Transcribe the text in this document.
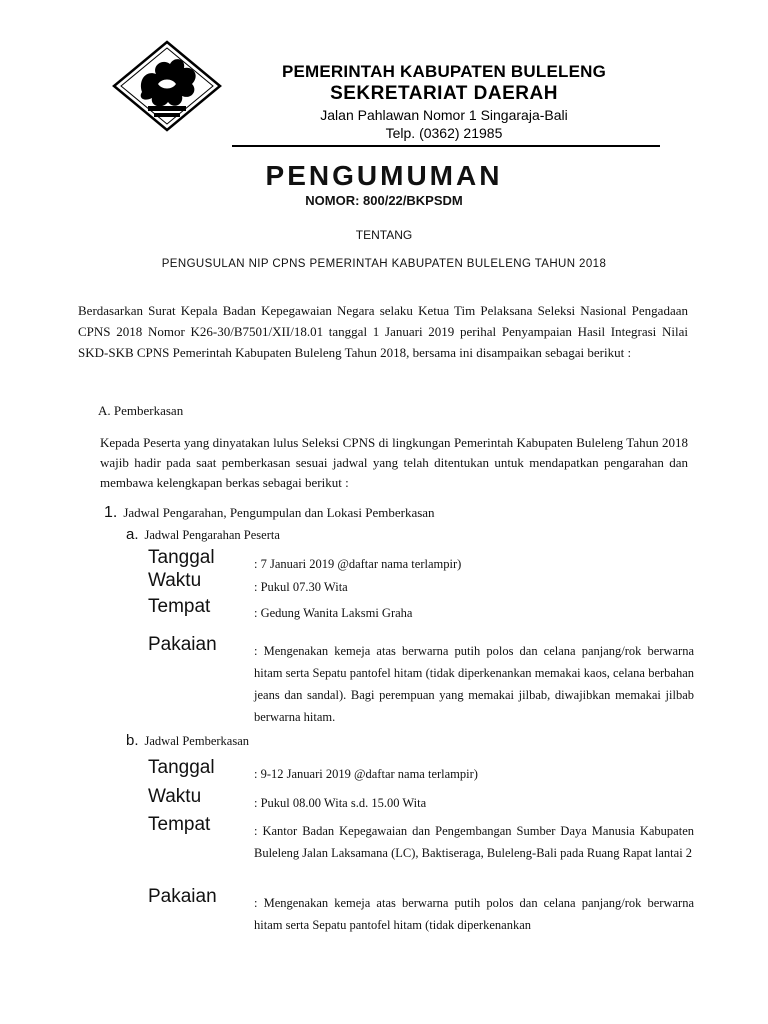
PEMERINTAH KABUPATEN BULELENG
SEKRETARIAT DAERAH
Jalan Pahlawan Nomor 1 Singaraja-Bali
Telp. (0362) 21985
PENGUMUMAN
NOMOR: 800/22/BKPSDM
TENTANG
PENGUSULAN NIP CPNS PEMERINTAH KABUPATEN BULELENG TAHUN 2018
Berdasarkan Surat Kepala Badan Kepegawaian Negara selaku Ketua Tim Pelaksana Seleksi Nasional Pengadaan CPNS 2018 Nomor K26-30/B7501/XII/18.01 tanggal 1 Januari 2019 perihal Penyampaian Hasil Integrasi Nilai SKD-SKB CPNS Pemerintah Kabupaten Buleleng Tahun 2018, bersama ini disampaikan sebagai berikut :
A. Pemberkasan
Kepada Peserta yang dinyatakan lulus Seleksi CPNS di lingkungan Pemerintah Kabupaten Buleleng Tahun 2018 wajib hadir pada saat pemberkasan sesuai jadwal yang telah ditentukan untuk mendapatkan pengarahan dan membawa kelengkapan berkas sebagai berikut :
1. Jadwal Pengarahan, Pengumpulan dan Lokasi Pemberkasan
a. Jadwal Pengarahan Peserta
Tanggal	: 7 Januari 2019 @daftar nama terlampir)
Waktu	: Pukul 07.30 Wita
Tempat	: Gedung Wanita Laksmi Graha
Pakaian	: Mengenakan kemeja atas berwarna putih polos dan celana panjang/rok berwarna hitam serta Sepatu pantofel hitam (tidak diperkenankan memakai kaos, celana berbahan jeans dan sandal). Bagi perempuan yang memakai jilbab, diwajibkan memakai jilbab berwarna hitam.
b. Jadwal Pemberkasan
Tanggal	: 9-12 Januari 2019 @daftar nama terlampir)
Waktu	: Pukul 08.00 Wita s.d. 15.00 Wita
Tempat	: Kantor Badan Kepegawaian dan Pengembangan Sumber Daya Manusia Kabupaten Buleleng Jalan Laksamana (LC), Baktiseraga, Buleleng-Bali pada Ruang Rapat lantai 2
Pakaian	: Mengenakan kemeja atas berwarna putih polos dan celana panjang/rok berwarna hitam serta Sepatu pantofel hitam (tidak diperkenankan
